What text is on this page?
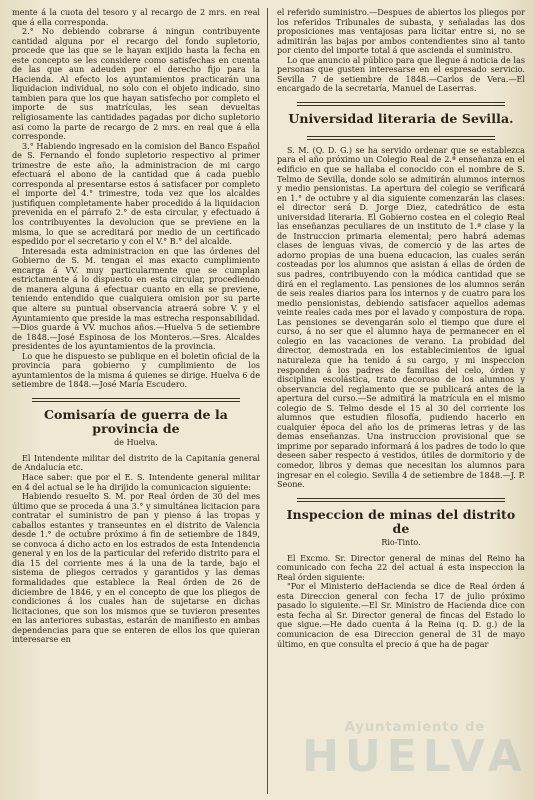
mente á la cuota del tesoro y al recargo de 2 mrs. en real que á ella corresponda.

2.° No debiendo cobrarse á ningun contribuyente cantidad alguna por el recargo del fondo supletorio, procede que las que se le hayan exijido hasta la fecha en este concepto se les considere como satisfechas en cuenta de las que aun adeuden por el derecho fijo para la Hacienda. Al efecto los ayuntamientos practicarán una liquidacion individual, no solo con el objeto indicado, sino tambien para que los que hayan satisfecho por completo el importe de sus matrículas, les sean devueltas religiosamente las cantidades pagadas por dicho supletorio asi como la parte de recargo de 2 mrs. en real que á ella corresponde.

3.° Habiendo ingresado en la comision del Banco Español de S. Fernando el fondo supletorio respectivo al primer trimestre de este año, la administracion de mi cargo efectuará el abono de la cantidad que á cada pueblo corresponda al presentarse estos á satisfacer por completo el importe del 4.° trimestre, toda vez que los alcaldes justifiquen completamente haber procedido á la liquidacion prevenida en el párrafo 2.° de esta circular, y efectuado á los contribuyentes la devolucion que se previene en la misma, lo que se acreditará por medio de un certificado espedido por el secretario y con el V.° B.° del alcalde.

Interesada esta administracion en que las órdenes del Gobierno de S. M. tengan el mas exacto cumplimiento encarga á VV. muy particularmente que se cumplan estrictamente á lo dispuesto en esta circular, procediendo de manera alguna á efectuar cuanto en ella se previene, teniendo entendido que cualquiera omision por su parte que altere su puntual observancia atraerá sobre V. y el Ayuntamiento que preside la mas estrecha responsabilidad.—Dios guarde á VV. muchos años.—Huelva 5 de setiembre de 1848.—José Espinosa de los Monteros.—Sres. Alcaldes presidentes de los ayuntamientos de la provincia.

Lo que he dispuesto se publique en el boletin oficial de la provincia para gobierno y cumplimiento de los ayuntamientos de la misma á quienes se dirige. Huelva 6 de setiembre de 1848.—José María Escudero.

Comisaría de guerra de la provincia de
de Huelva.

El Intendente militar del distrito de la Capitanía general de Andalucía etc.

Hace saber: que por el E. S. Intendente general militar en 4 del actual se le ha dirijido la comunicacion siguiente:

Habiendo resuelto S. M. por Real órden de 30 del mes último que se proceda á una 3.° y simultánea licitacion para contratar el suministro de pan y pienso á las tropas y caballos estantes y transeuntes en el distrito de Valencia desde 1.° de octubre próximo á fin de setiembre de 1849, se convoca á dicho acto en los estrados de esta Intendencia general y en los de la particular del referido distrito para el dia 15 del corriente mes á la una de la tarde, bajo el sistema de pliegos cerrados y garantidos y las demas formalidades que establece la Real órden de 26 de diciembre de 1846, y en el concepto de que los pliegos de condiciones á los cuales han de sujetarse en dichas licitaciones, que son los mismos que se tuvieron presentes en las anteriores subastas, estarán de manifiesto en ambas dependencias para que se enteren de ellos los que quieran interesarse en

el referido suministro.—Despues de abiertos los pliegos por los referidos Tribunales de subasta, y señaladas las dos proposiciones mas ventajosas para licitar entre si, no se admitirán las bajas por ambos contendientes sino al tanto por ciento del importe total á que ascienda el suministro.

Lo que anuncio al público para que llegue á noticia de las personas que gusten interesarse en el espresado servicio. Sevilla 7 de setiembre de 1848.—Carlos de Vera.—El encargado de la secretaría, Manuel de Laserras.

Universidad literaria de Sevilla.

S. M. (Q. D. G.) se ha servido ordenar que se establezca para el año próximo un Colegio Real de 2.ª enseñanza en el edificio en que se hallaba el conocido con el nombre de S. Telmo de Sevilla, donde solo se admitirán alumnos internos y medio pensionistas. La apertura del colegio se verificará en 1.° de octubre y al dia siguiente comenzarán las clases: el director será D. Jorge Diez, catedrático de esta universidad literaria. El Gobierno costea en el colegio Real las enseñanzas peculiares de un instituto de 1.ª clase y la de Instruccion primaria elemental; pero habrá ademas clases de lenguas vivas, de comercio y de las artes de adorno propias de una buena educacion, las cuales serán costeadas por los alumnos que asistan á ellas de órden de sus padres, contribuyendo con la módica cantidad que se dirá en el reglamento. Las pensiones de los alumnos serán de seis reales diarios para los internos y de cuatro para los medio pensionistas, debiendo satisfacer aquellos ademas veinte reales cada mes por el lavado y compostura de ropa. Las pensiones se devengarán solo el tiempo que dure el curso, á no ser que el alumno haya de permanecer en el colegio en las vacaciones de verano. La probidad del director, demostrada en los establecimientos de igual naturaleza que ha tenido á su cargo, y mi inspeccion responden á los padres de familias del celo, órden y disciplina escolástica, trato decoroso de los alumnos y observancia del reglamento que se publicará antes de la apertura del curso.—Se admitirá la matrícula en el mismo colegio de S. Telmo desde el 15 al 30 del corriente los alumnos que estudien filosofía, pudiendo hacerlo en cualquier época del año los de primeras letras y de las demas enseñanzas. Una instruccion provisional que se imprime por separado informará á los padres de todo lo que deseen saber respecto á vestidos, útiles de dormitorio y de comedor, libros y demas que necesitan los alumnos para ingresar en el colegio. Sevilla 4 de setiembre de 1848.—J. P. Seone.

Inspeccion de minas del distrito de
Rio-Tinto.

El Excmo. Sr. Director general de minas del Reino ha comunicado con fecha 22 del actual á esta inspeccion la Real órden siguiente:

"Por el Ministerio deHacienda se dice de Real órden á esta Direccion general con fecha 17 de julio próximo pasado lo siguiente.—El Sr. Ministro de Hacienda dice con esta fecha al Sr. Director general de fincas del Estado lo que sigue.—He dado cuenta á la Reina (q. D. g.) de la comunicacion de esa Direccion general de 31 de mayo último, en que consulta el precio á que ha de pagar

Ayuntamiento de
HUELVA
